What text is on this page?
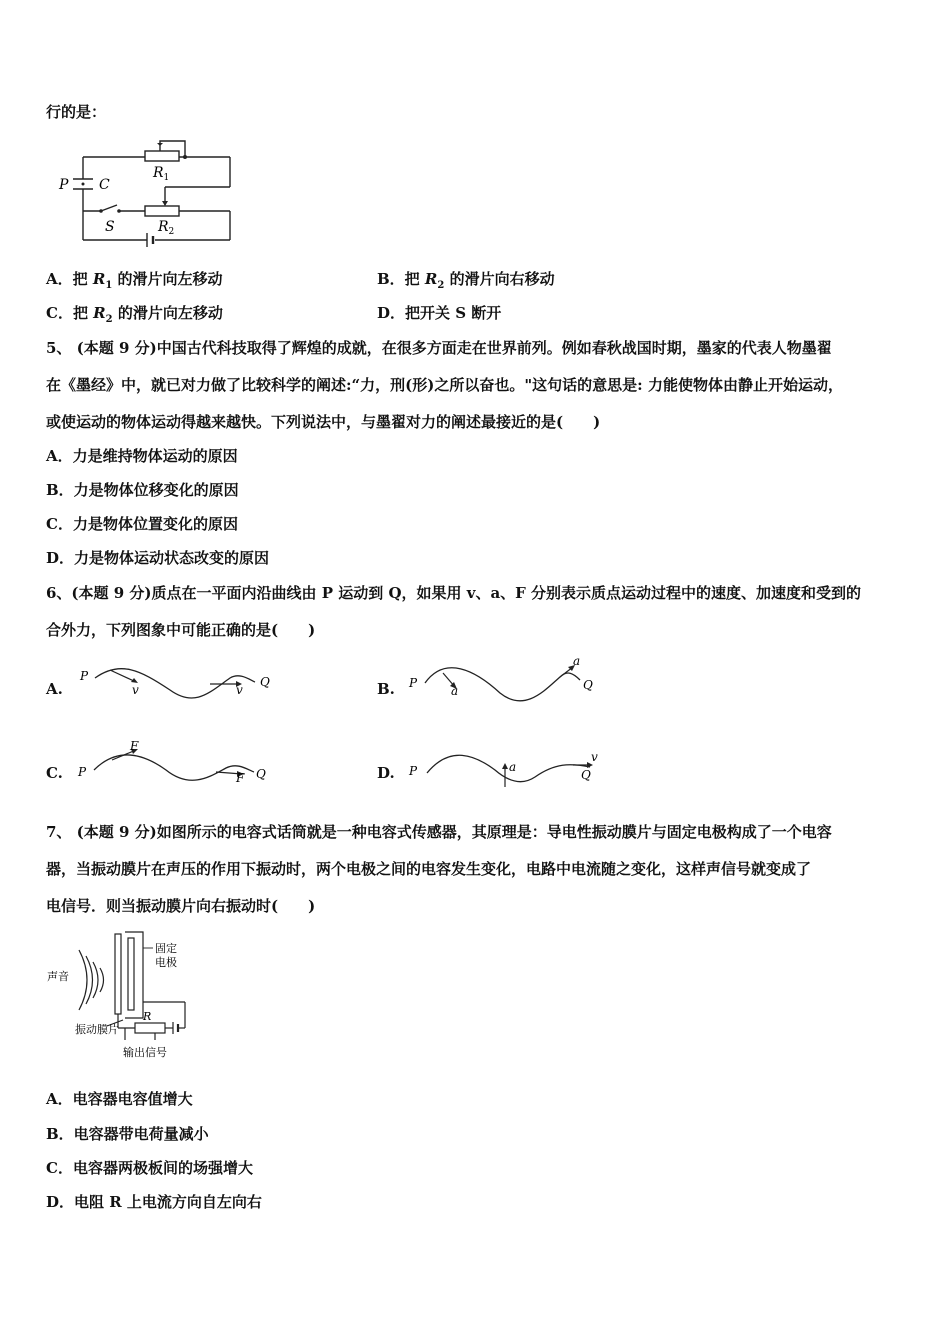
行的是：
P C
S
$R_1$
$R_2$
A．把 $R_1$ 的滑片向左移动	B．把 $R_2$ 的滑片向右移动
C．把 $R_2$ 的滑片向左移动	D．把开关 S 断开
5、 (本题 9 分)中国古代科技取得了辉煌的成就，在很多方面走在世界前列。例如春秋战国时期，墨家的代表人物墨翟
在《墨经》中，就已对力做了比较科学的阐述:“力，刑(形)之所以奋也。"这句话的意思是: 力能使物体由静止开始运动，
或使运动的物体运动得越来越快。下列说法中，与墨翟对力的阐述最接近的是(　　)
A．力是维持物体运动的原因
B．力是物体位移变化的原因
C．力是物体位置变化的原因
D．力是物体运动状态改变的原因
6、(本题 9 分)质点在一平面内沿曲线由 P 运动到 Q，如果用 v、a、F 分别表示质点运动过程中的速度、加速度和受到的
合外力，下列图象中可能正确的是(　　)
A.
P
v	v
Q	B. P
a
a
Q
C. P
F
F Q	D. P	a
v
Q
7、 (本题 9 分)如图所示的电容式话筒就是一种电容式传感器，其原理是：导电性振动膜片与固定电极构成了一个电容
器，当振动膜片在声压的作用下振动时，两个电极之间的电容发生变化，电路中电流随之变化，这样声信号就变成了
电信号．则当振动膜片向右振动时(　　)
声音
固定
电极
振动膜片
R
输出信号
A．电容器电容值增大
B．电容器带电荷量减小
C．电容器两极板间的场强增大
D．电阻 R 上电流方向自左向右
